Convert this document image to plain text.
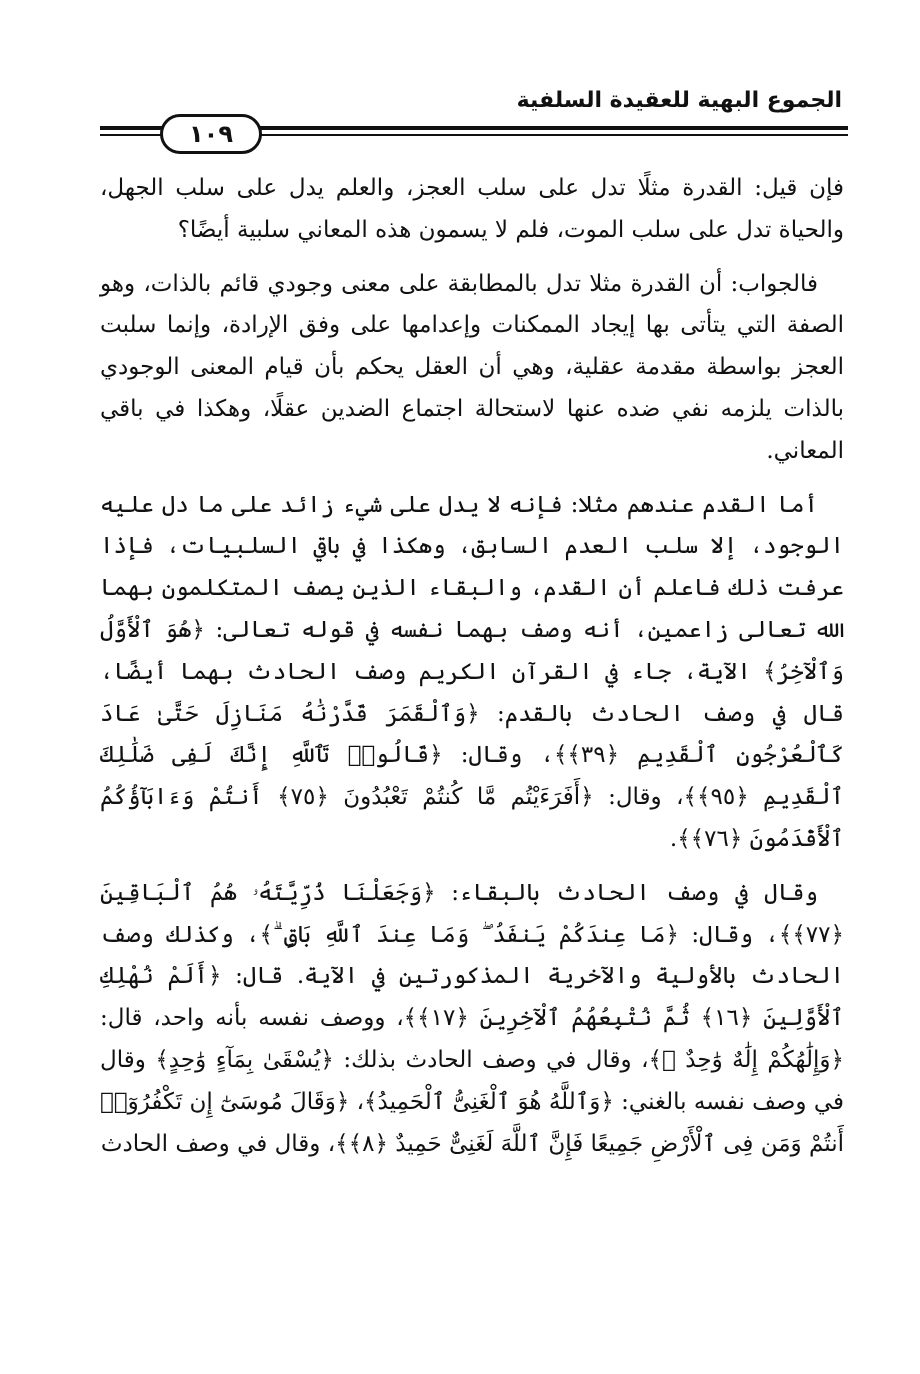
الجموع البهية للعقيدة السلفية
١٠٩

فإن قيل: القدرة مثلًا تدل على سلب العجز، والعلم يدل على سلب الجهل، والحياة تدل على سلب الموت، فلم لا يسمون هذه المعاني سلبية أيضًا؟

فالجواب: أن القدرة مثلا تدل بالمطابقة على معنى وجودي قائم بالذات، وهو الصفة التي يتأتى بها إيجاد الممكنات وإعدامها على وفق الإرادة، وإنما سلبت العجز بواسطة مقدمة عقلية، وهي أن العقل يحكم بأن قيام المعنى الوجودي بالذات يلزمه نفي ضده عنها لاستحالة اجتماع الضدين عقلًا، وهكذا في باقي المعاني.

أما القدم عندهم مثلا: فإنه لا يدل على شيء زائد على ما دل عليه الوجود، إلا سلب العدم السابق، وهكذا في باقي السلبيات، فإذا عرفت ذلك فاعلم أن القدم، والبقاء الذين يصف المتكلمون بهما الله تعالى زاعمين، أنه وصف بهما نفسه في قوله تعالى: ﴿هُوَ ٱلْأَوَّلُ وَٱلْآخِرُ﴾ الآية، جاء في القرآن الكريم وصف الحادث بهما أيضًا، قال في وصف الحادث بالقدم: ﴿وَٱلْقَمَرَ قَدَّرْنَٰهُ مَنَازِلَ حَتَّىٰ عَادَ كَٱلْعُرْجُونِ ٱلْقَدِيمِ ﴿٣٩﴾﴾، وقال: ﴿قَالُوا۟ تَٱللَّهِ إِنَّكَ لَفِى ضَلَٰلِكَ ٱلْقَدِيمِ ﴿٩٥﴾﴾، وقال: ﴿أَفَرَءَيْتُم مَّا كُنتُمْ تَعْبُدُونَ ﴿٧٥﴾ أَنتُمْ وَءَابَآؤُكُمُ ٱلْأَقْدَمُونَ ﴿٧٦﴾﴾.

وقال في وصف الحادث بالبقاء: ﴿وَجَعَلْنَا ذُرِّيَّتَهُۥ هُمُ ٱلْبَاقِينَ ﴿٧٧﴾﴾، وقال: ﴿مَا عِندَكُمْ يَنفَدُ ۖ وَمَا عِندَ ٱللَّهِ بَاقٍ ۗ﴾، وكذلك وصف الحادث بالأولية والآخرية المذكورتين في الآية. قال: ﴿أَلَمْ نُهْلِكِ ٱلْأَوَّلِينَ ﴿١٦﴾ ثُمَّ نُتْبِعُهُمُ ٱلْآخِرِينَ ﴿١٧﴾﴾، ووصف نفسه بأنه واحد، قال: ﴿وَإِلَٰهُكُمْ إِلَٰهٌ وَٰحِدٌ ۖ﴾، وقال في وصف الحادث بذلك: ﴿يُسْقَىٰ بِمَآءٍ وَٰحِدٍ﴾ وقال في وصف نفسه بالغني: ﴿وَٱللَّهُ هُوَ ٱلْغَنِىُّ ٱلْحَمِيدُ﴾، ﴿وَقَالَ مُوسَىٰٓ إِن تَكْفُرُوٓا۟ أَنتُمْ وَمَن فِى ٱلْأَرْضِ جَمِيعًا فَإِنَّ ٱللَّهَ لَغَنِىٌّ حَمِيدٌ ﴿٨﴾﴾، وقال في وصف الحادث
